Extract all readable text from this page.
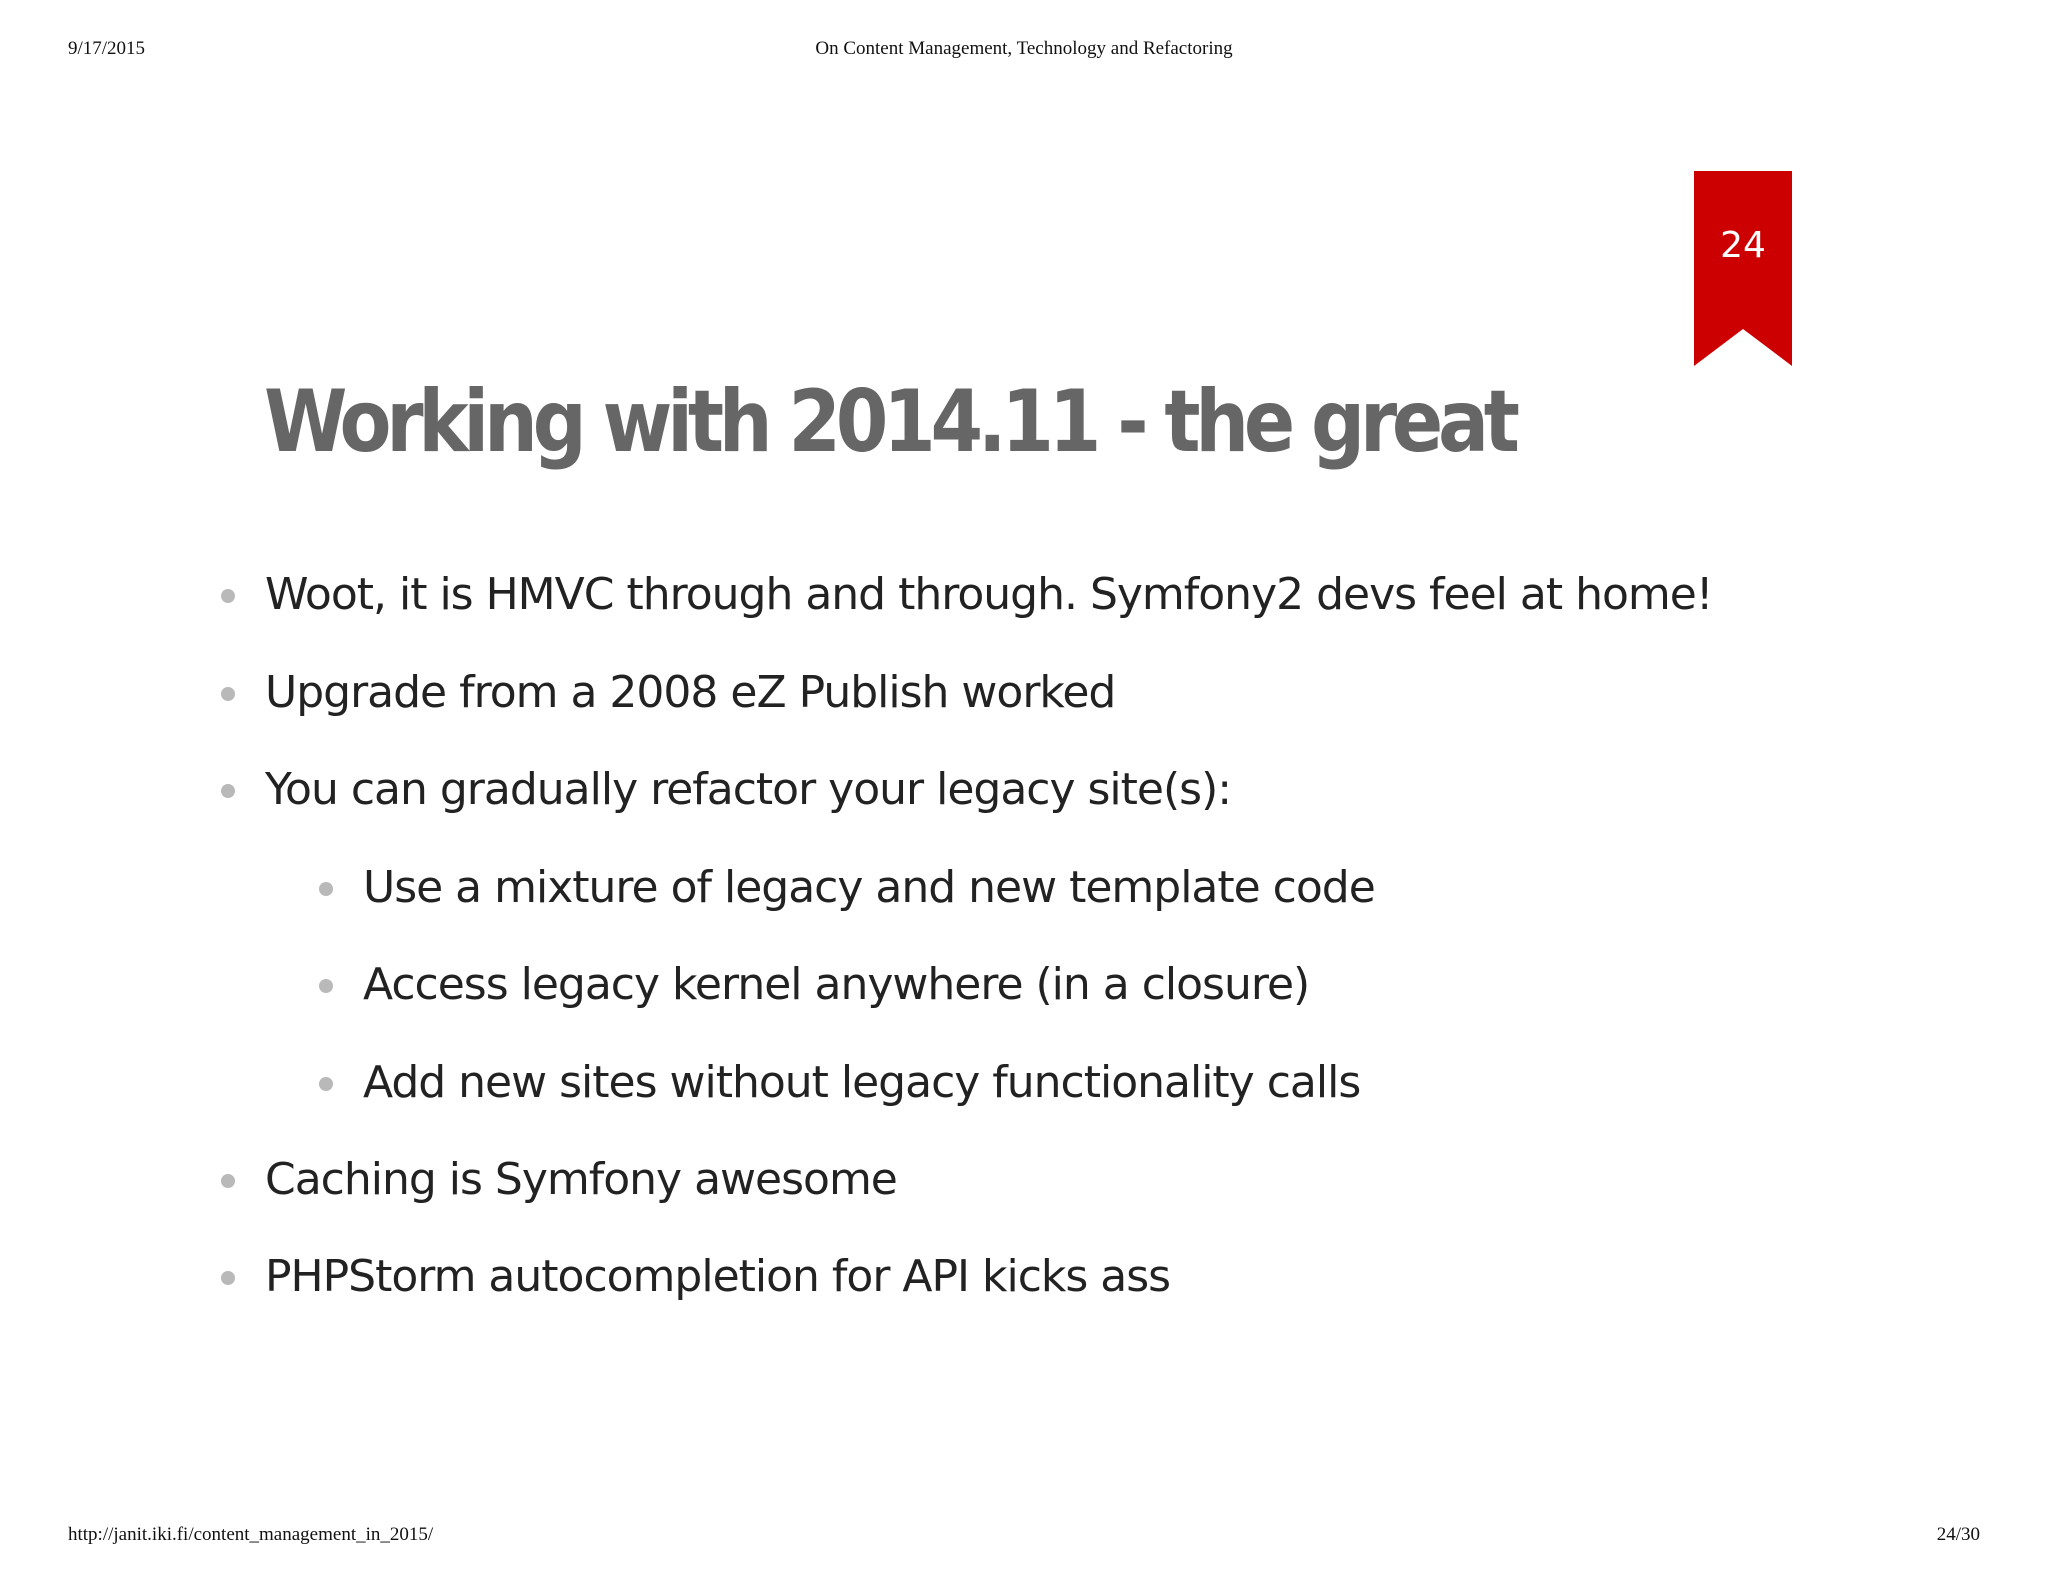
9/17/2015	On Content Management, Technology and Refactoring
24
Working with 2014.11 - the great
Woot, it is HMVC through and through. Symfony2 devs feel at home!
Upgrade from a 2008 eZ Publish worked
You can gradually refactor your legacy site(s):
Use a mixture of legacy and new template code
Access legacy kernel anywhere (in a closure)
Add new sites without legacy functionality calls
Caching is Symfony awesome
PHPStorm autocompletion for API kicks ass
http://janit.iki.fi/content_management_in_2015/	24/30
